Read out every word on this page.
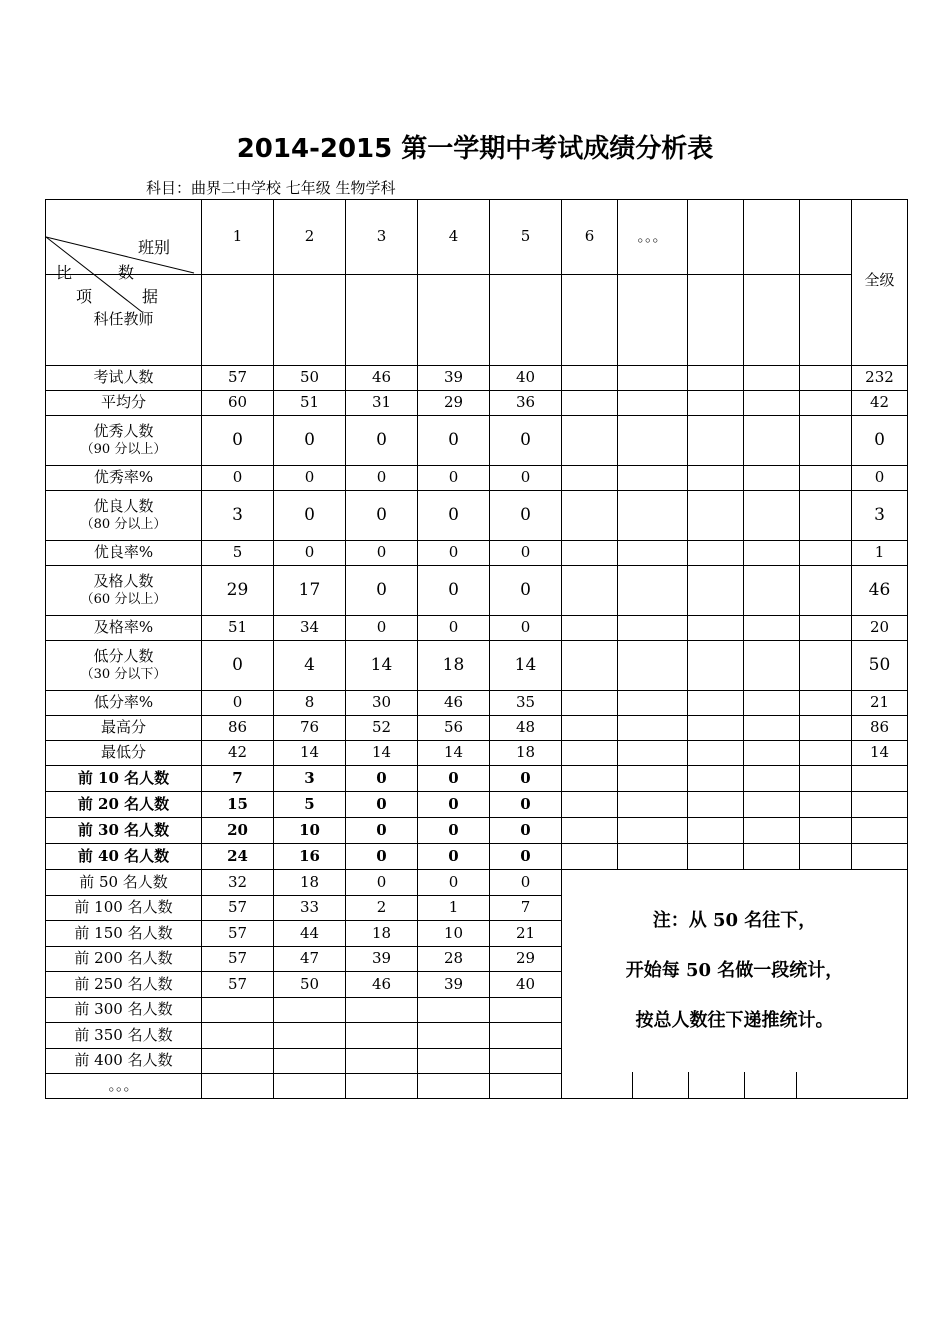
2014-2015 第一学期中考试成绩分析表
科目：曲界二中学校 七年级 生物学科
班别
比 数
项 据	1	2	3	4	5	6	。。。				全级
科任教师											

考试人数	57	50	46	39	40						232

平均分	60	51	31	29	36						42

优秀人数
（90 分以上）	0	0	0	0	0						0

优秀率%	0	0	0	0	0						0

优良人数
（80 分以上）	3	0	0	0	0						3

优良率%	5	0	0	0	0						1

及格人数
（60 分以上）	29	17	0	0	0						46

及格率%	51	34	0	0	0						20

低分人数
（30 分以下）	0	4	14	18	14						50

低分率%	0	8	30	46	35						21

最高分	86	76	52	56	48						86

最低分	42	14	14	14	18						14
前 10 名人数	7	3	0	0	0						
前 20 名人数	15	5	0	0	0						
前 30 名人数	20	10	0	0	0						
前 40 名人数	24	16	0	0	0						
前 50 名人数	32	18	0	0	0	注：从 50 名往下，
开始每 50 名做一段统计，
按总人数往下递推统计。					

前 100 名人数	57	33	2	1	7						
前 150 名人数	57	44	18	10	21						
前 200 名人数	57	47	39	28	29						
前 250 名人数	57	50	46	39	40						
前 300 名人数											
前 350 名人数											
前 400 名人数											
。。。											
